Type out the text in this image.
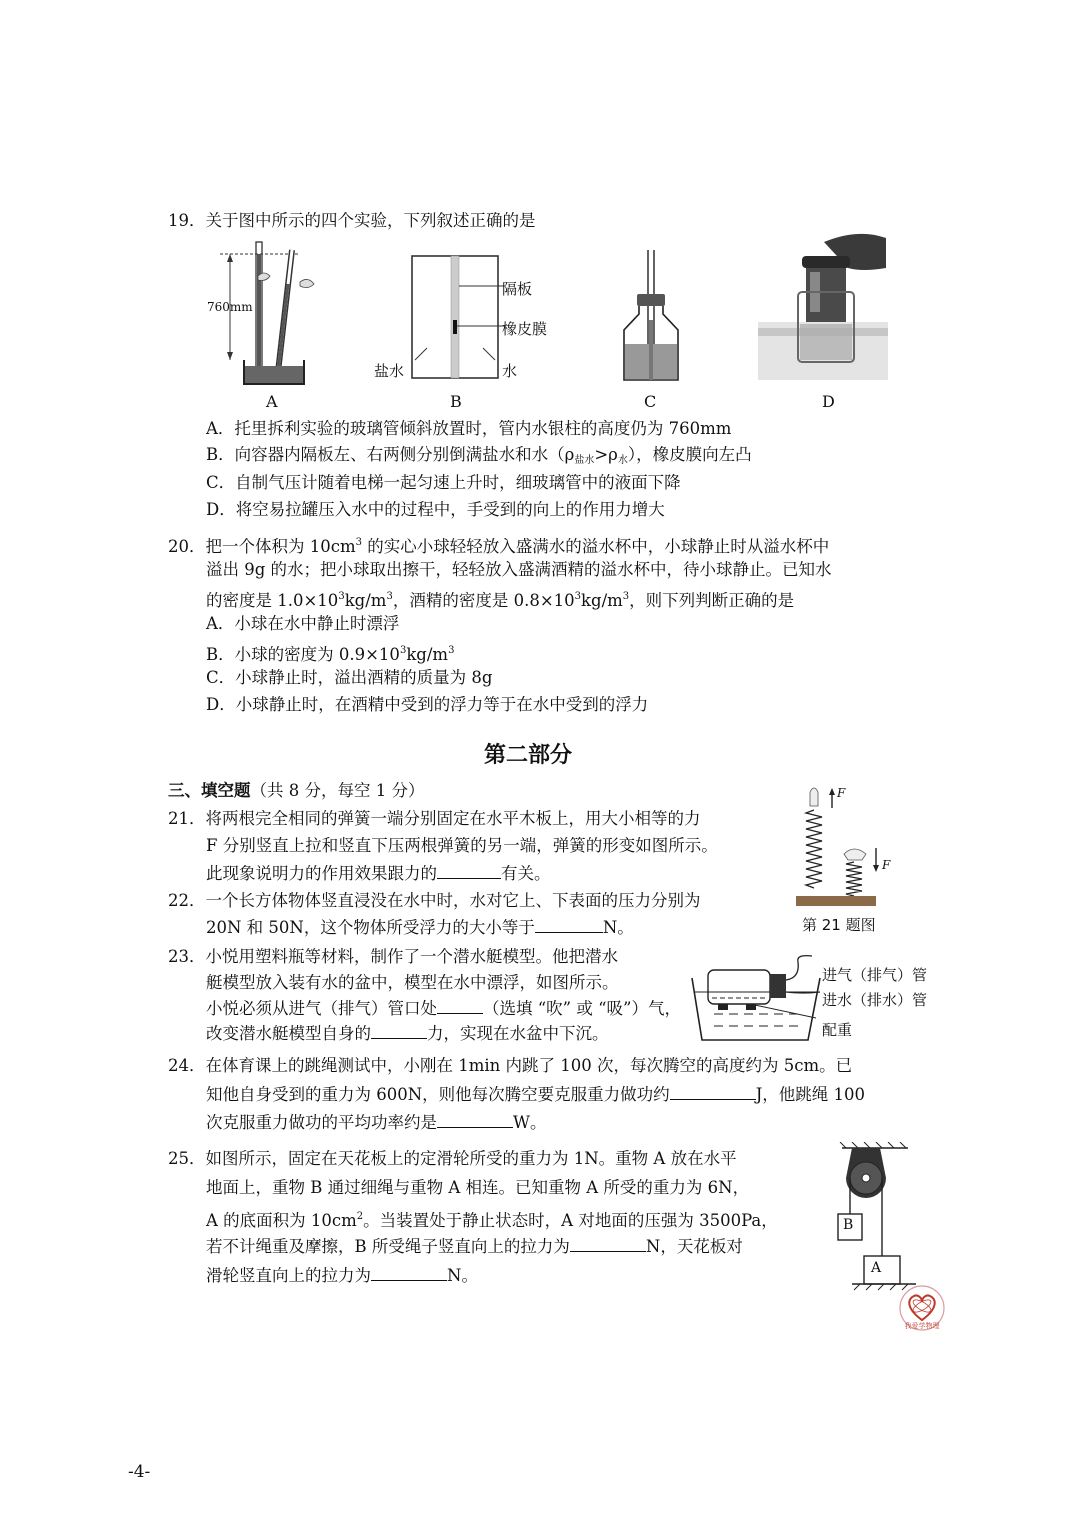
19．关于图中所示的四个实验，下列叙述正确的是
760mm
A
隔板
橡皮膜
盐水	水
B	C	D
A．托里拆利实验的玻璃管倾斜放置时，管内水银柱的高度仍为 760mm
B．向容器内隔板左、右两侧分别倒满盐水和水$(\rho_{盐水}>\rho_水)$，橡皮膜向左凸
C．自制气压计随着电梯一起匀速上升时，细玻璃管中的液面下降
D．将空易拉罐压入水中的过程中，手受到的向上的作用力增大
20．把一个体积为 $10cm^3$ 的实心小球轻轻放入盛满水的溢水杯中，小球静止时从溢水杯中
溢出 9g 的水；把小球取出擦干，轻轻放入盛满酒精的溢水杯中，待小球静止。已知水
的密度是 $1.0\times 10^3kg/m^3$，酒精的密度是 $0.8\times 10^3kg/m^3$，则下列判断正确的是
A．小球在水中静止时漂浮
B．小球的密度为 $0.9\times 10^3kg/m^3$
C．小球静止时，溢出酒精的质量为 8g
D．小球静止时，在酒精中受到的浮力等于在水中受到的浮力
第二部分
三、填空题（共 8 分，每空 1 分）
21．将两根完全相同的弹簧一端分别固定在水平木板上，用大小相等的力
F 分别竖直上拉和竖直下压两根弹簧的另一端，弹簧的形变如图所示。
此现象说明力的作用效果跟力的	有关。
F
F
第 21 题图
22．一个长方体物体竖直浸没在水中时，水对它上、下表面的压力分别为
20N 和 50N，这个物体所受浮力的大小等于	N。
23．小悦用塑料瓶等材料，制作了一个潜水艇模型。他把潜水
艇模型放入装有水的盆中，模型在水中漂浮，如图所示。
小悦必须从进气（排气）管口处	（选填 “吹” 或 “吸”）气，
改变潜水艇模型自身的	力，实现在水盆中下沉。
进气（排气）管
进水（排水）管
配重
24．在体育课上的跳绳测试中，小刚在 1min 内跳了 100 次，每次腾空的高度约为 5cm。已
知他自身受到的重力为 600N，则他每次腾空要克服重力做功约	J，他跳绳 100
次克服重力做功的平均功率约是	W。
25．如图所示，固定在天花板上的定滑轮所受的重力为 1N。重物 A 放在水平
地面上，重物 B 通过细绳与重物 A 相连。已知重物 A 所受的重力为 6N，
A 的底面积为 $10cm^2$。当装置处于静止状态时，A 对地面的压强为 3500Pa，
若不计绳重及摩擦，B 所受绳子竖直向上的拉力为	N，天花板对
滑轮竖直向上的拉力为	N。
B
A
我爱学物理
-4-
